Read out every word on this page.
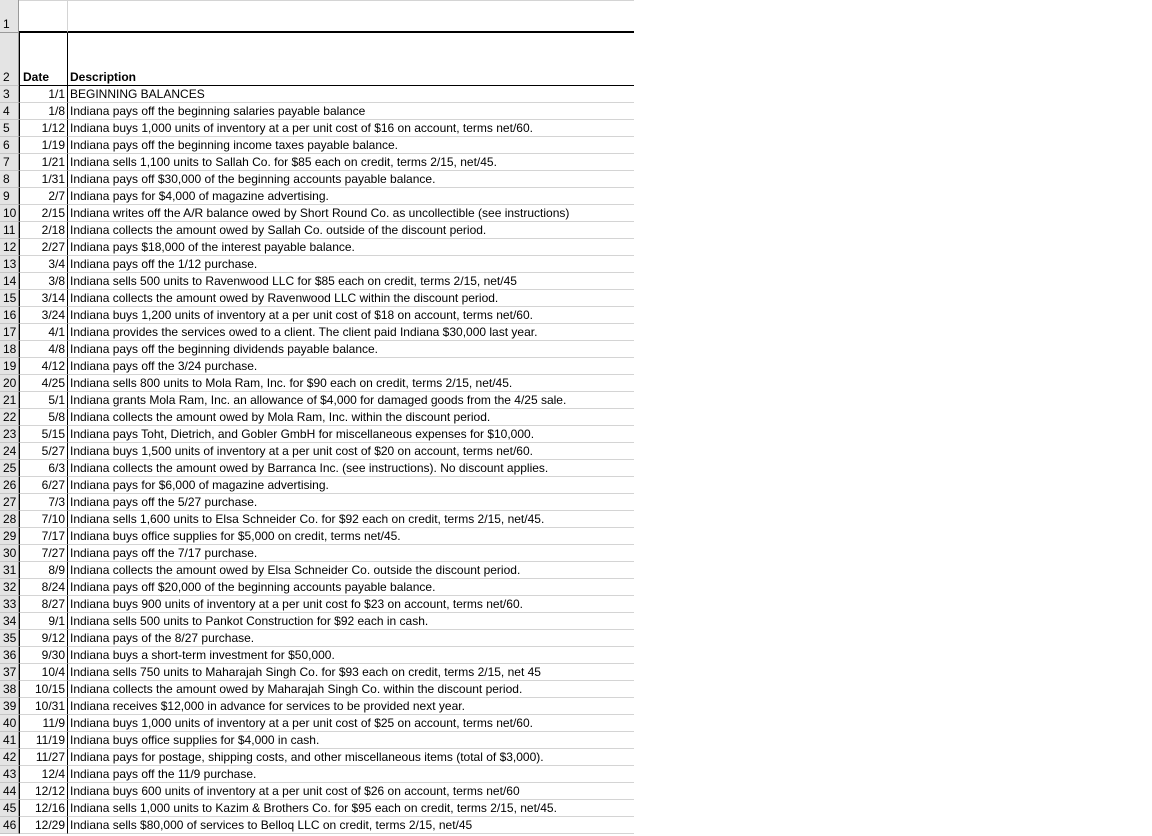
1
2 Date Description
3	1/1 BEGINNING BALANCES
4	1/8 Indiana pays off the beginning salaries payable balance
5	1/12 Indiana buys 1,000 units of inventory at a per unit cost of $16 on account, terms net/60.
6	1/19 Indiana pays off the beginning income taxes payable balance.
7	1/21 Indiana sells 1,100 units to Sallah Co. for $85 each on credit, terms 2/15, net/45.
8	1/31 Indiana pays off $30,000 of the beginning accounts payable balance.
9	2/7 Indiana pays for $4,000 of magazine advertising.
10 2/15 Indiana writes off the A/R balance owed by Short Round Co. as uncollectible (see instructions)
11 2/18 Indiana collects the amount owed by Sallah Co. outside of the discount period.
12 2/27 Indiana pays $18,000 of the interest payable balance.
13	3/4 Indiana pays off the 1/12 purchase.
14	3/8 Indiana sells 500 units to Ravenwood LLC for $85 each on credit, terms 2/15, net/45
15 3/14 Indiana collects the amount owed by Ravenwood LLC within the discount period.
16 3/24 Indiana buys 1,200 units of inventory at a per unit cost of $18 on account, terms net/60.
17	4/1 Indiana provides the services owed to a client. The client paid Indiana $30,000 last year.
18	4/8 Indiana pays off the beginning dividends payable balance.
19 4/12 Indiana pays off the 3/24 purchase.
20 4/25 Indiana sells 800 units to Mola Ram, Inc. for $90 each on credit, terms 2/15, net/45.
21	5/1 Indiana grants Mola Ram, Inc. an allowance of $4,000 for damaged goods from the 4/25 sale.
22	5/8 Indiana collects the amount owed by Mola Ram, Inc. within the discount period.
23 5/15 Indiana pays Toht, Dietrich, and Gobler GmbH for miscellaneous expenses for $10,000.
24 5/27 Indiana buys 1,500 units of inventory at a per unit cost of $20 on account, terms net/60.
25	6/3 Indiana collects the amount owed by Barranca Inc. (see instructions). No discount applies.
26 6/27 Indiana pays for $6,000 of magazine advertising.
27	7/3 Indiana pays off the 5/27 purchase.
28 7/10 Indiana sells 1,600 units to Elsa Schneider Co. for $92 each on credit, terms 2/15, net/45.
29 7/17 Indiana buys office supplies for $5,000 on credit, terms net/45.
30 7/27 Indiana pays off the 7/17 purchase.
31	8/9 Indiana collects the amount owed by Elsa Schneider Co. outside the discount period.
32 8/24 Indiana pays off $20,000 of the beginning accounts payable balance.
33 8/27 Indiana buys 900 units of inventory at a per unit cost fo $23 on account, terms net/60.
34	9/1 Indiana sells 500 units to Pankot Construction for $92 each in cash.
35 9/12 Indiana pays of the 8/27 purchase.
36 9/30 Indiana buys a short-term investment for $50,000.
37 10/4 Indiana sells 750 units to Maharajah Singh Co. for $93 each on credit, terms 2/15, net 45
38 10/15 Indiana collects the amount owed by Maharajah Singh Co. within the discount period.
39 10/31 Indiana receives $12,000 in advance for services to be provided next year.
40 11/9 Indiana buys 1,000 units of inventory at a per unit cost of $25 on account, terms net/60.
41 11/19 Indiana buys office supplies for $4,000 in cash.
42 11/27 Indiana pays for postage, shipping costs, and other miscellaneous items (total of $3,000).
43 12/4 Indiana pays off the 11/9 purchase.
44 12/12 Indiana buys 600 units of inventory at a per unit cost of $26 on account, terms net/60
45 12/16 Indiana sells 1,000 units to Kazim & Brothers Co. for $95 each on credit, terms 2/15, net/45.
46 12/29 Indiana sells $80,000 of services to Belloq LLC on credit, terms 2/15, net/45
